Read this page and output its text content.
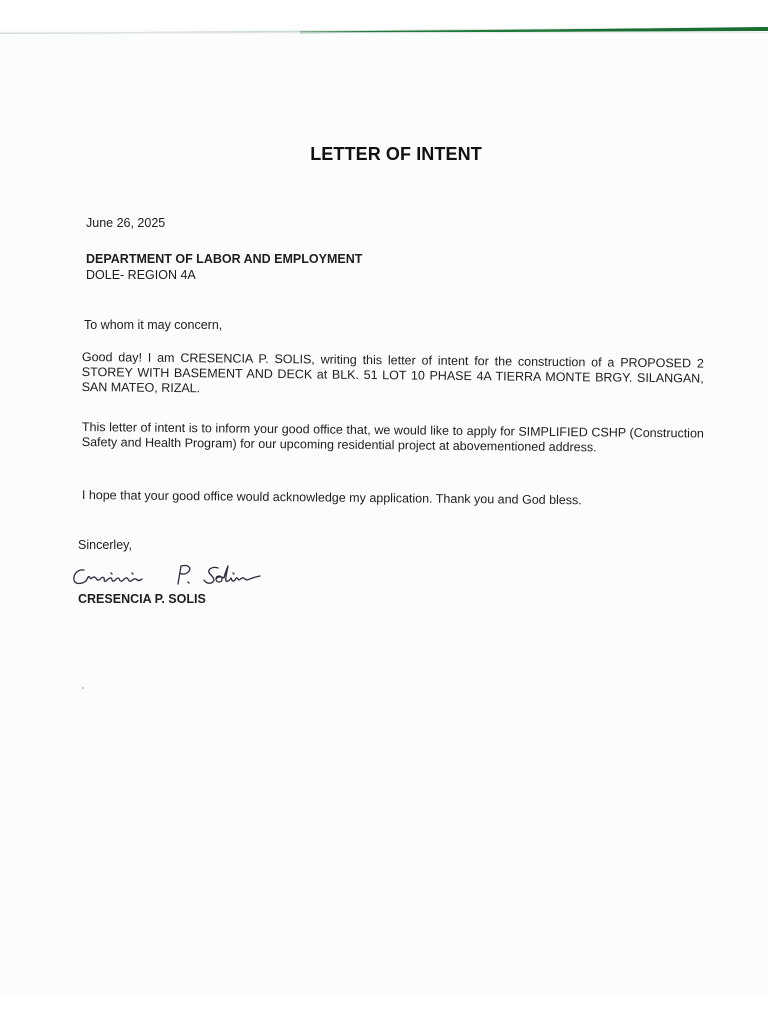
LETTER OF INTENT
June 26, 2025
DEPARTMENT OF LABOR AND EMPLOYMENT
DOLE- REGION 4A
To whom it may concern,
Good day! I am CRESENCIA P. SOLIS, writing this letter of intent for the construction of a PROPOSED 2 STOREY WITH BASEMENT AND DECK at BLK. 51 LOT 10 PHASE 4A TIERRA MONTE BRGY. SILANGAN, SAN MATEO, RIZAL.
This letter of intent is to inform your good office that, we would like to apply for SIMPLIFIED CSHP (Construction Safety and Health Program) for our upcoming residential project at abovementioned address.
I hope that your good office would acknowledge my application. Thank you and God bless.
Sincerley,
CRESENCIA P. SOLIS
